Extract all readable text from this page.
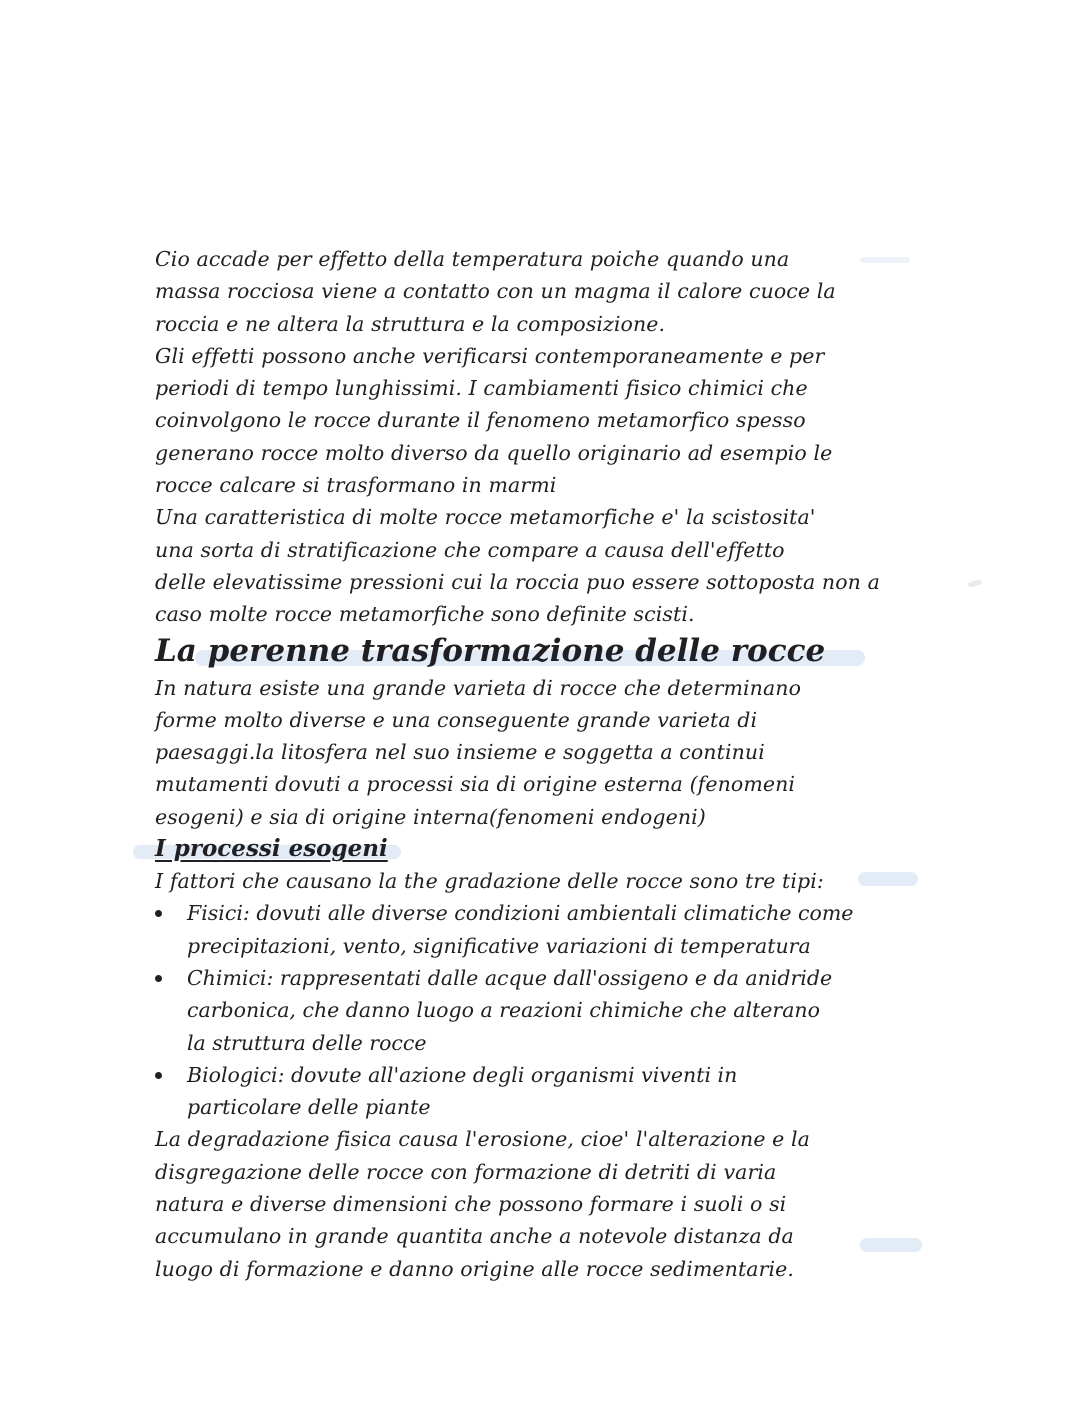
Cio accade per effetto della temperatura poiche quando una
massa rocciosa viene a contatto con un magma il calore cuoce la
roccia e ne altera la struttura e la composizione.
Gli effetti possono anche verificarsi contemporaneamente e per
periodi di tempo lunghissimi. I cambiamenti fisico chimici che
coinvolgono le rocce durante il fenomeno metamorfico spesso
generano rocce molto diverso da quello originario ad esempio le
rocce calcare si trasformano in marmi
Una caratteristica di molte rocce metamorfiche e' la scistosita'
una sorta di stratificazione che compare a causa dell'effetto
delle elevatissime pressioni cui la roccia puo essere sottoposta non a
caso molte rocce metamorfiche sono definite scisti.

La perenne trasformazione delle rocce

In natura esiste una grande varieta di rocce che determinano
forme molto diverse e una conseguente grande varieta di
paesaggi.la litosfera nel suo insieme e soggetta a continui
mutamenti dovuti a processi sia di origine esterna (fenomeni
esogeni) e sia di origine interna(fenomeni endogeni)

I processi esogeni

I fattori che causano la the gradazione delle rocce sono tre tipi:

Fisici: dovuti alle diverse condizioni ambientali climatiche come
precipitazioni, vento, significative variazioni di temperatura
Chimici: rappresentati dalle acque dall'ossigeno e da anidride
carbonica, che danno luogo a reazioni chimiche che alterano
la struttura delle rocce
Biologici: dovute all'azione degli organismi viventi in
particolare delle piante

La degradazione fisica causa l'erosione, cioe' l'alterazione e la
disgregazione delle rocce con formazione di detriti di varia
natura e diverse dimensioni che possono formare i suoli o si
accumulano in grande quantita anche a notevole distanza da
luogo di formazione e danno origine alle rocce sedimentarie.
